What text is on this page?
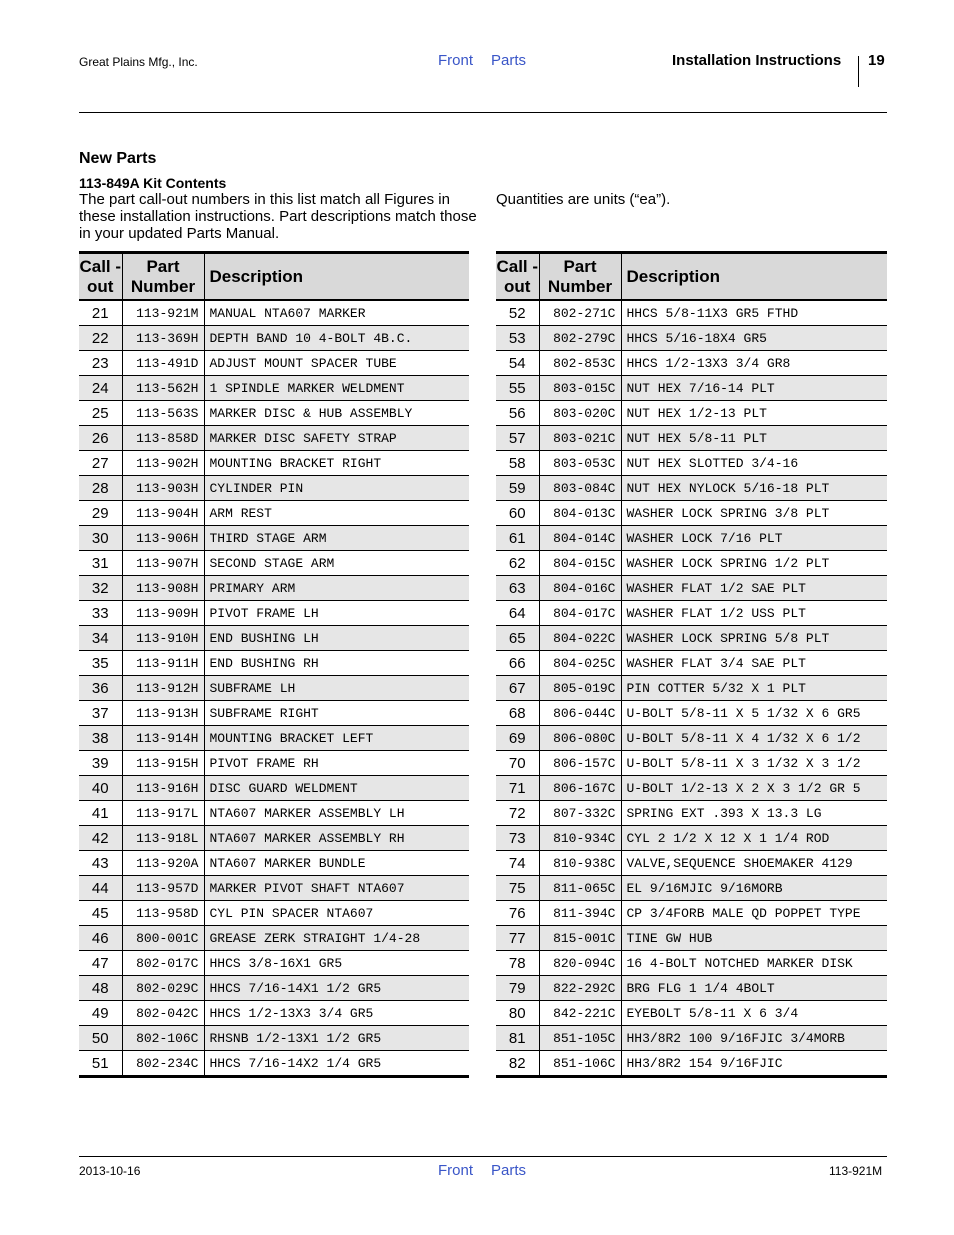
Great Plains Mfg., Inc.	Front Parts	Installation Instructions 19
New Parts
113-849A Kit Contents
The part call-out numbers in this list match all Figures in these installation instructions. Part descriptions match those in your updated Parts Manual.
Quantities are units (“ea”).
Call -out	Part Number	Description
21	113-921M	MANUAL NTA607 MARKER
22	113-369H	DEPTH BAND 10 4-BOLT 4B.C.
23	113-491D	ADJUST MOUNT SPACER TUBE
24	113-562H	1 SPINDLE MARKER WELDMENT
25	113-563S	MARKER DISC & HUB ASSEMBLY
26	113-858D	MARKER DISC SAFETY STRAP
27	113-902H	MOUNTING BRACKET RIGHT
28	113-903H	CYLINDER PIN
29	113-904H	ARM REST
30	113-906H	THIRD STAGE ARM
31	113-907H	SECOND STAGE ARM
32	113-908H	PRIMARY ARM
33	113-909H	PIVOT FRAME LH
34	113-910H	END BUSHING LH
35	113-911H	END BUSHING RH
36	113-912H	SUBFRAME LH
37	113-913H	SUBFRAME RIGHT
38	113-914H	MOUNTING BRACKET LEFT
39	113-915H	PIVOT FRAME RH
40	113-916H	DISC GUARD WELDMENT
41	113-917L	NTA607 MARKER ASSEMBLY LH
42	113-918L	NTA607 MARKER ASSEMBLY RH
43	113-920A	NTA607 MARKER BUNDLE
44	113-957D	MARKER PIVOT SHAFT NTA607
45	113-958D	CYL PIN SPACER NTA607
46	800-001C	GREASE ZERK STRAIGHT 1/4-28
47	802-017C	HHCS 3/8-16X1 GR5
48	802-029C	HHCS 7/16-14X1 1/2 GR5
49	802-042C	HHCS 1/2-13X3 3/4 GR5
50	802-106C	RHSNB 1/2-13X1 1/2 GR5
51	802-234C	HHCS 7/16-14X2 1/4 GR5
Call -out	Part Number	Description
52	802-271C	HHCS 5/8-11X3 GR5 FTHD
53	802-279C	HHCS 5/16-18X4 GR5
54	802-853C	HHCS 1/2-13X3 3/4 GR8
55	803-015C	NUT HEX 7/16-14 PLT
56	803-020C	NUT HEX 1/2-13 PLT
57	803-021C	NUT HEX 5/8-11 PLT
58	803-053C	NUT HEX SLOTTED 3/4-16
59	803-084C	NUT HEX NYLOCK 5/16-18 PLT
60	804-013C	WASHER LOCK SPRING 3/8 PLT
61	804-014C	WASHER LOCK 7/16 PLT
62	804-015C	WASHER LOCK SPRING 1/2 PLT
63	804-016C	WASHER FLAT 1/2 SAE PLT
64	804-017C	WASHER FLAT 1/2 USS PLT
65	804-022C	WASHER LOCK SPRING 5/8 PLT
66	804-025C	WASHER FLAT 3/4 SAE PLT
67	805-019C	PIN COTTER 5/32 X 1 PLT
68	806-044C	U-BOLT 5/8-11 X 5 1/32 X 6 GR5
69	806-080C	U-BOLT 5/8-11 X 4 1/32 X 6 1/2
70	806-157C	U-BOLT 5/8-11 X 3 1/32 X 3 1/2
71	806-167C	U-BOLT 1/2-13 X 2 X 3 1/2 GR 5
72	807-332C	SPRING EXT .393 X 13.3 LG
73	810-934C	CYL 2 1/2 X 12 X 1 1/4 ROD
74	810-938C	VALVE,SEQUENCE SHOEMAKER 4129
75	811-065C	EL 9/16MJIC 9/16MORB
76	811-394C	CP 3/4FORB MALE QD POPPET TYPE
77	815-001C	TINE GW HUB
78	820-094C	16 4-BOLT NOTCHED MARKER DISK
79	822-292C	BRG FLG 1 1/4 4BOLT
80	842-221C	EYEBOLT 5/8-11 X 6 3/4
81	851-105C	HH3/8R2 100 9/16FJIC 3/4MORB
82	851-106C	HH3/8R2 154 9/16FJIC
2013-10-16	Front Parts	113-921M
